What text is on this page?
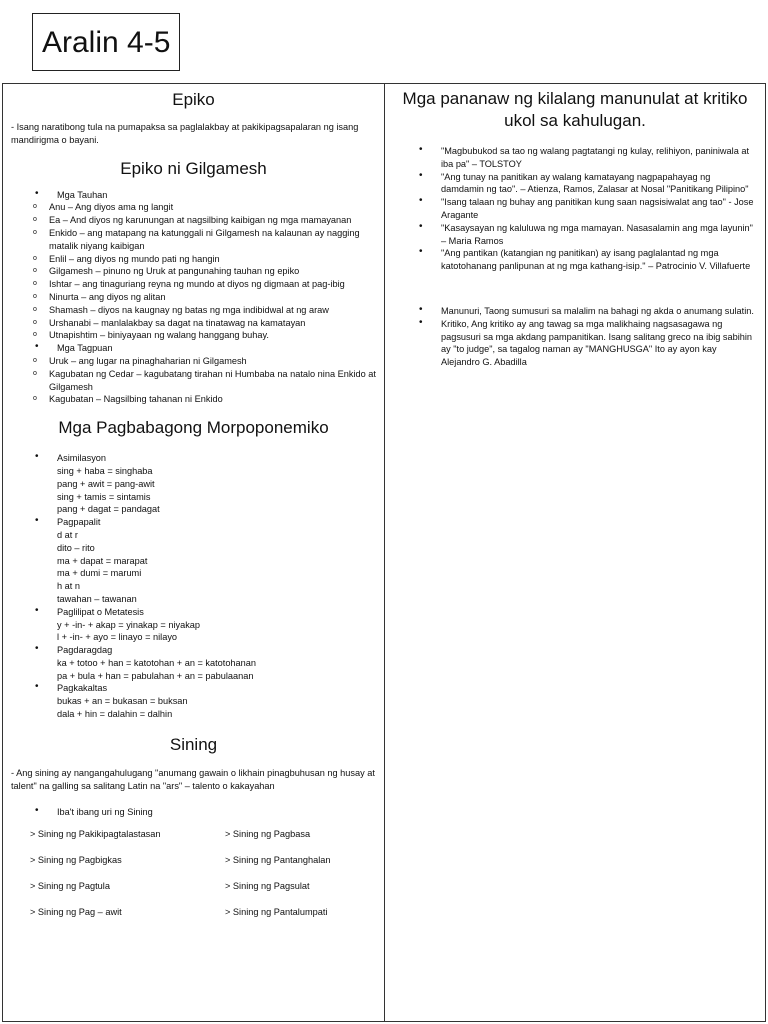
Aralin 4-5
Epiko

- Isang naratibong tula na pumapaksa sa paglalakbay at pakikipagsapalaran ng isang mandirigma o bayani.

Epiko ni Gilgamesh
• Mga Tauhan
o Anu – Ang diyos ama ng langit
o Ea – And diyos ng karunungan at nagsilbing kaibigan ng mga mamayanan
o Enkido – ang matapang na katunggali ni Gilgamesh na kalaunan ay nagging matalik niyang kaibigan
o Enlil – ang diyos ng mundo pati ng hangin
o Gilgamesh – pinuno ng Uruk at pangunahing tauhan ng epiko
o Ishtar – ang tinaguriang reyna ng mundo at diyos ng digmaan at pag-ibig
o Ninurta – ang diyos ng alitan
o Shamash – diyos na kaugnay ng batas ng mga indibidwal at ng araw
o Urshanabi – manlalakbay sa dagat na tinatawag na kamatayan
o Utnapishtim – biniyayaan ng walang hanggang buhay.
• Mga Tagpuan
o Uruk – ang lugar na pinaghaharian ni Gilgamesh
o Kagubatan ng Cedar – kagubatang tirahan ni Humbaba na natalo nina Enkido at Gilgamesh
o Kagubatan – Nagsilbing tahanan ni Enkido
Mga Pagbabagong Morpoponemiko
• Asimilasyon
sing + haba = singhaba
pang + awit = pang-awit
sing + tamis = sintamis
pang + dagat = pandagat
• Pagpapalit
d at r
dito – rito
ma + dapat = marapat
ma + dumi = marumi
h at n
tawahan – tawanan
• Paglilipat o Metatesis
y + -in- + akap = yinakap = niyakap
l + -in- + ayo = linayo = nilayo
• Pagdaragdag
ka + totoo + han = katotohan + an = katotohanan
pa + bula + han = pabulahan + an = pabulaanan
• Pagkakaltas
bukas + an = bukasan = buksan
dala + hin = dalahin = dalhin
Sining

- Ang sining ay nangangahulugang "anumang gawain o likhain pinagbuhusan ng husay at talent" na galling sa salitang Latin na "ars" – talento o kakayahan

• Iba't ibang uri ng Sining
> Sining ng Pakikipagtalastasan	> Sining ng Pagbasa
> Sining ng Pagbigkas	> Sining ng Pantanghalan
> Sining ng Pagtula	> Sining ng Pagsulat
> Sining ng Pag – awit	> Sining ng Pantalumpati
Mga pananaw ng kilalang manunulat at kritiko ukol sa kahulugan.
• "Magbubukod sa tao ng walang pagtatangi ng kulay, relihiyon, paniniwala at iba pa" – TOLSTOY
• "Ang tunay na panitikan ay walang kamatayang nagpapahayag ng damdamin ng tao". – Atienza, Ramos, Zalasar at Nosal "Panitikang Pilipino"
• "Isang talaan ng buhay ang panitikan kung saan nagsisiwalat ang tao" - Jose Aragante
• "Kasaysayan ng kaluluwa ng mga mamayan. Nasasalamin ang mga layunin" – Maria Ramos
• "Ang pantikan (katangian ng panitikan) ay isang paglalantad ng mga katotohanang panlipunan at ng mga kathang-isip." – Patrocinio V. Villafuerte
• Manunuri, Taong sumusuri sa malalim na bahagi ng akda o anumang sulatin.
• Kritiko, Ang kritiko ay ang tawag sa mga malikhaing nagsasagawa ng pagsusuri sa mga akdang pampanitikan. Isang salitang greco na ibig sabihin ay "to judge", sa tagalog naman ay "MANGHUSGA" Ito ay ayon kay Alejandro G. Abadilla
